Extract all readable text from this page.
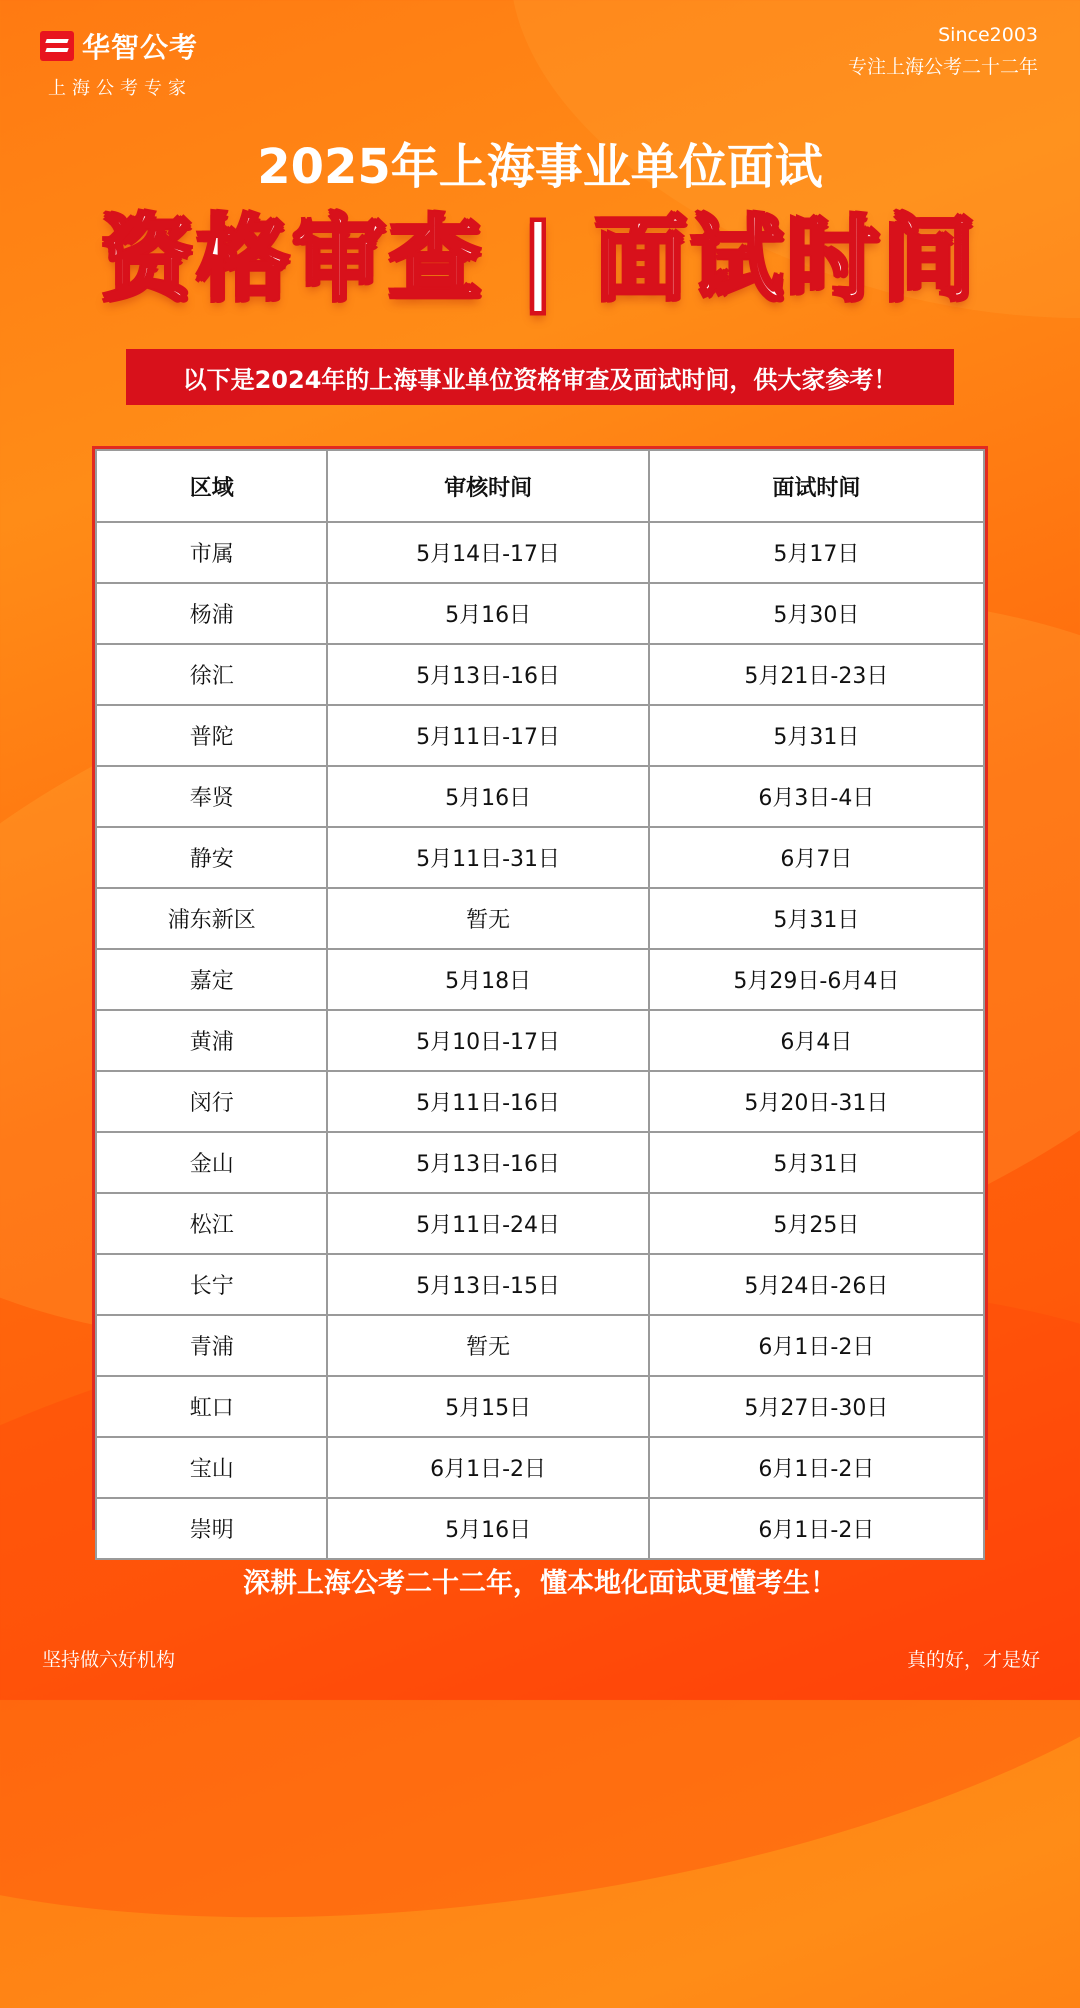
华智公考
上海公考专家
Since2003
专注上海公考二十二年
2025年上海事业单位面试
资格审查 | 面试时间
以下是2024年的上海事业单位资格审查及面试时间，供大家参考！
区域	审核时间	面试时间
市属	5月14日-17日	5月17日
杨浦	5月16日	5月30日
徐汇	5月13日-16日	5月21日-23日
普陀	5月11日-17日	5月31日
奉贤	5月16日	6月3日-4日
静安	5月11日-31日	6月7日
浦东新区	暂无	5月31日
嘉定	5月18日	5月29日-6月4日
黄浦	5月10日-17日	6月4日
闵行	5月11日-16日	5月20日-31日
金山	5月13日-16日	5月31日
松江	5月11日-24日	5月25日
长宁	5月13日-15日	5月24日-26日
青浦	暂无	6月1日-2日
虹口	5月15日	5月27日-30日
宝山	6月1日-2日	6月1日-2日
崇明	5月16日	6月1日-2日
深耕上海公考二十二年，懂本地化面试更懂考生！
坚持做六好机构	真的好，才是好
